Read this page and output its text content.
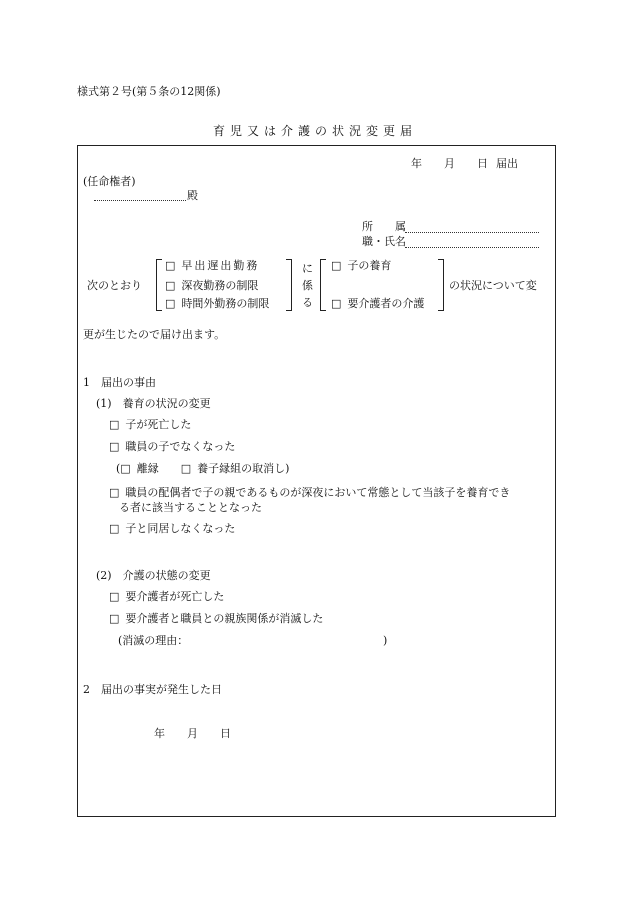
様式第２号(第５条の12関係)
育児又は介護の状況変更届
年 月 日 届出
(任命権者)
殿
所　　属
職・氏名
次のとおり
□ 早出遅出勤務
□ 深夜勤務の制限
□ 時間外勤務の制限
に
係
る
□ 子の養育
□ 要介護者の介護
の状況について変
更が生じたので届け出ます。
1　届出の事由
(1)　養育の状況の変更
□ 子が死亡した
□ 職員の子でなくなった
(□ 離縁 □ 養子縁組の取消し)
□ 職員の配偶者で子の親であるものが深夜において常態として当該子を養育でき
る者に該当することとなった
□ 子と同居しなくなった
(2)　介護の状態の変更
□ 要介護者が死亡した
□ 要介護者と職員との親族関係が消滅した
(消滅の理由：	)
2　届出の事実が発生した日
年 月 日
